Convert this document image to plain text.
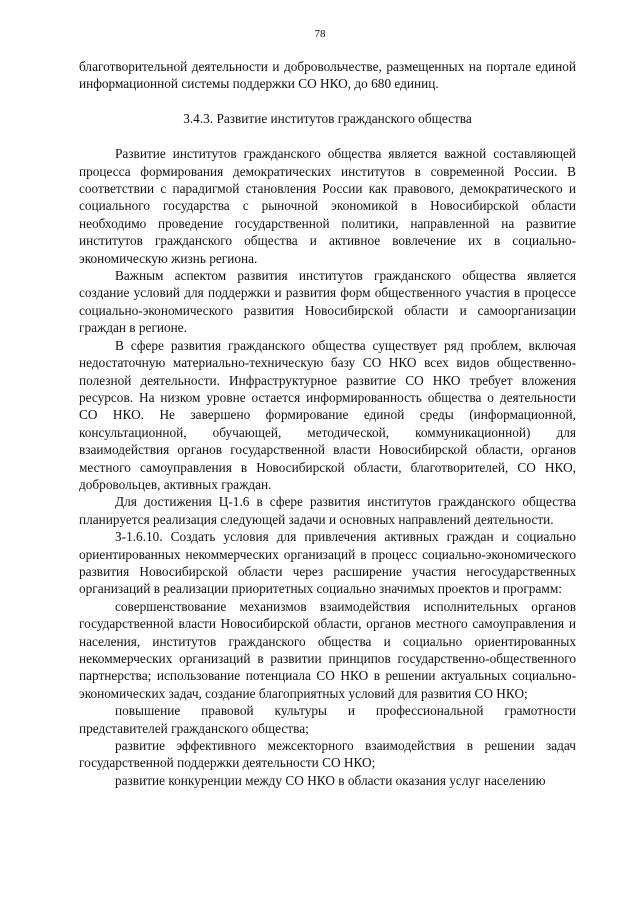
78

благотворительной деятельности и добровольчестве, размещенных на портале единой информационной системы поддержки СО НКО, до 680 единиц.

3.4.3. Развитие институтов гражданского общества

Развитие институтов гражданского общества является важной составляющей процесса формирования демократических институтов в современной России. В соответствии с парадигмой становления России как правового, демократического и социального государства с рыночной экономикой в Новосибирской области необходимо проведение государственной политики, направленной на развитие институтов гражданского общества и активное вовлечение их в социально-экономическую жизнь региона.

Важным аспектом развития институтов гражданского общества является создание условий для поддержки и развития форм общественного участия в процессе социально-экономического развития Новосибирской области и самоорганизации граждан в регионе.

В сфере развития гражданского общества существует ряд проблем, включая недостаточную материально-техническую базу СО НКО всех видов общественно-полезной деятельности. Инфраструктурное развитие СО НКО требует вложения ресурсов. На низком уровне остается информированность общества о деятельности СО НКО. Не завершено формирование единой среды (информационной, консультационной, обучающей, методической, коммуникационной) для взаимодействия органов государственной власти Новосибирской области, органов местного самоуправления в Новосибирской области, благотворителей, СО НКО, добровольцев, активных граждан.

Для достижения Ц-1.6 в сфере развития институтов гражданского общества планируется реализация следующей задачи и основных направлений деятельности.

З-1.6.10. Создать условия для привлечения активных граждан и социально ориентированных некоммерческих организаций в процесс социально-экономического развития Новосибирской области через расширение участия негосударственных организаций в реализации приоритетных социально значимых проектов и программ:

совершенствование механизмов взаимодействия исполнительных органов государственной власти Новосибирской области, органов местного самоуправления и населения, институтов гражданского общества и социально ориентированных некоммерческих организаций в развитии принципов государственно-общественного партнерства; использование потенциала СО НКО в решении актуальных социально-экономических задач, создание благоприятных условий для развития СО НКО;

повышение правовой культуры и профессиональной грамотности представителей гражданского общества;

развитие эффективного межсекторного взаимодействия в решении задач государственной поддержки деятельности СО НКО;

развитие конкуренции между СО НКО в области оказания услуг населению
